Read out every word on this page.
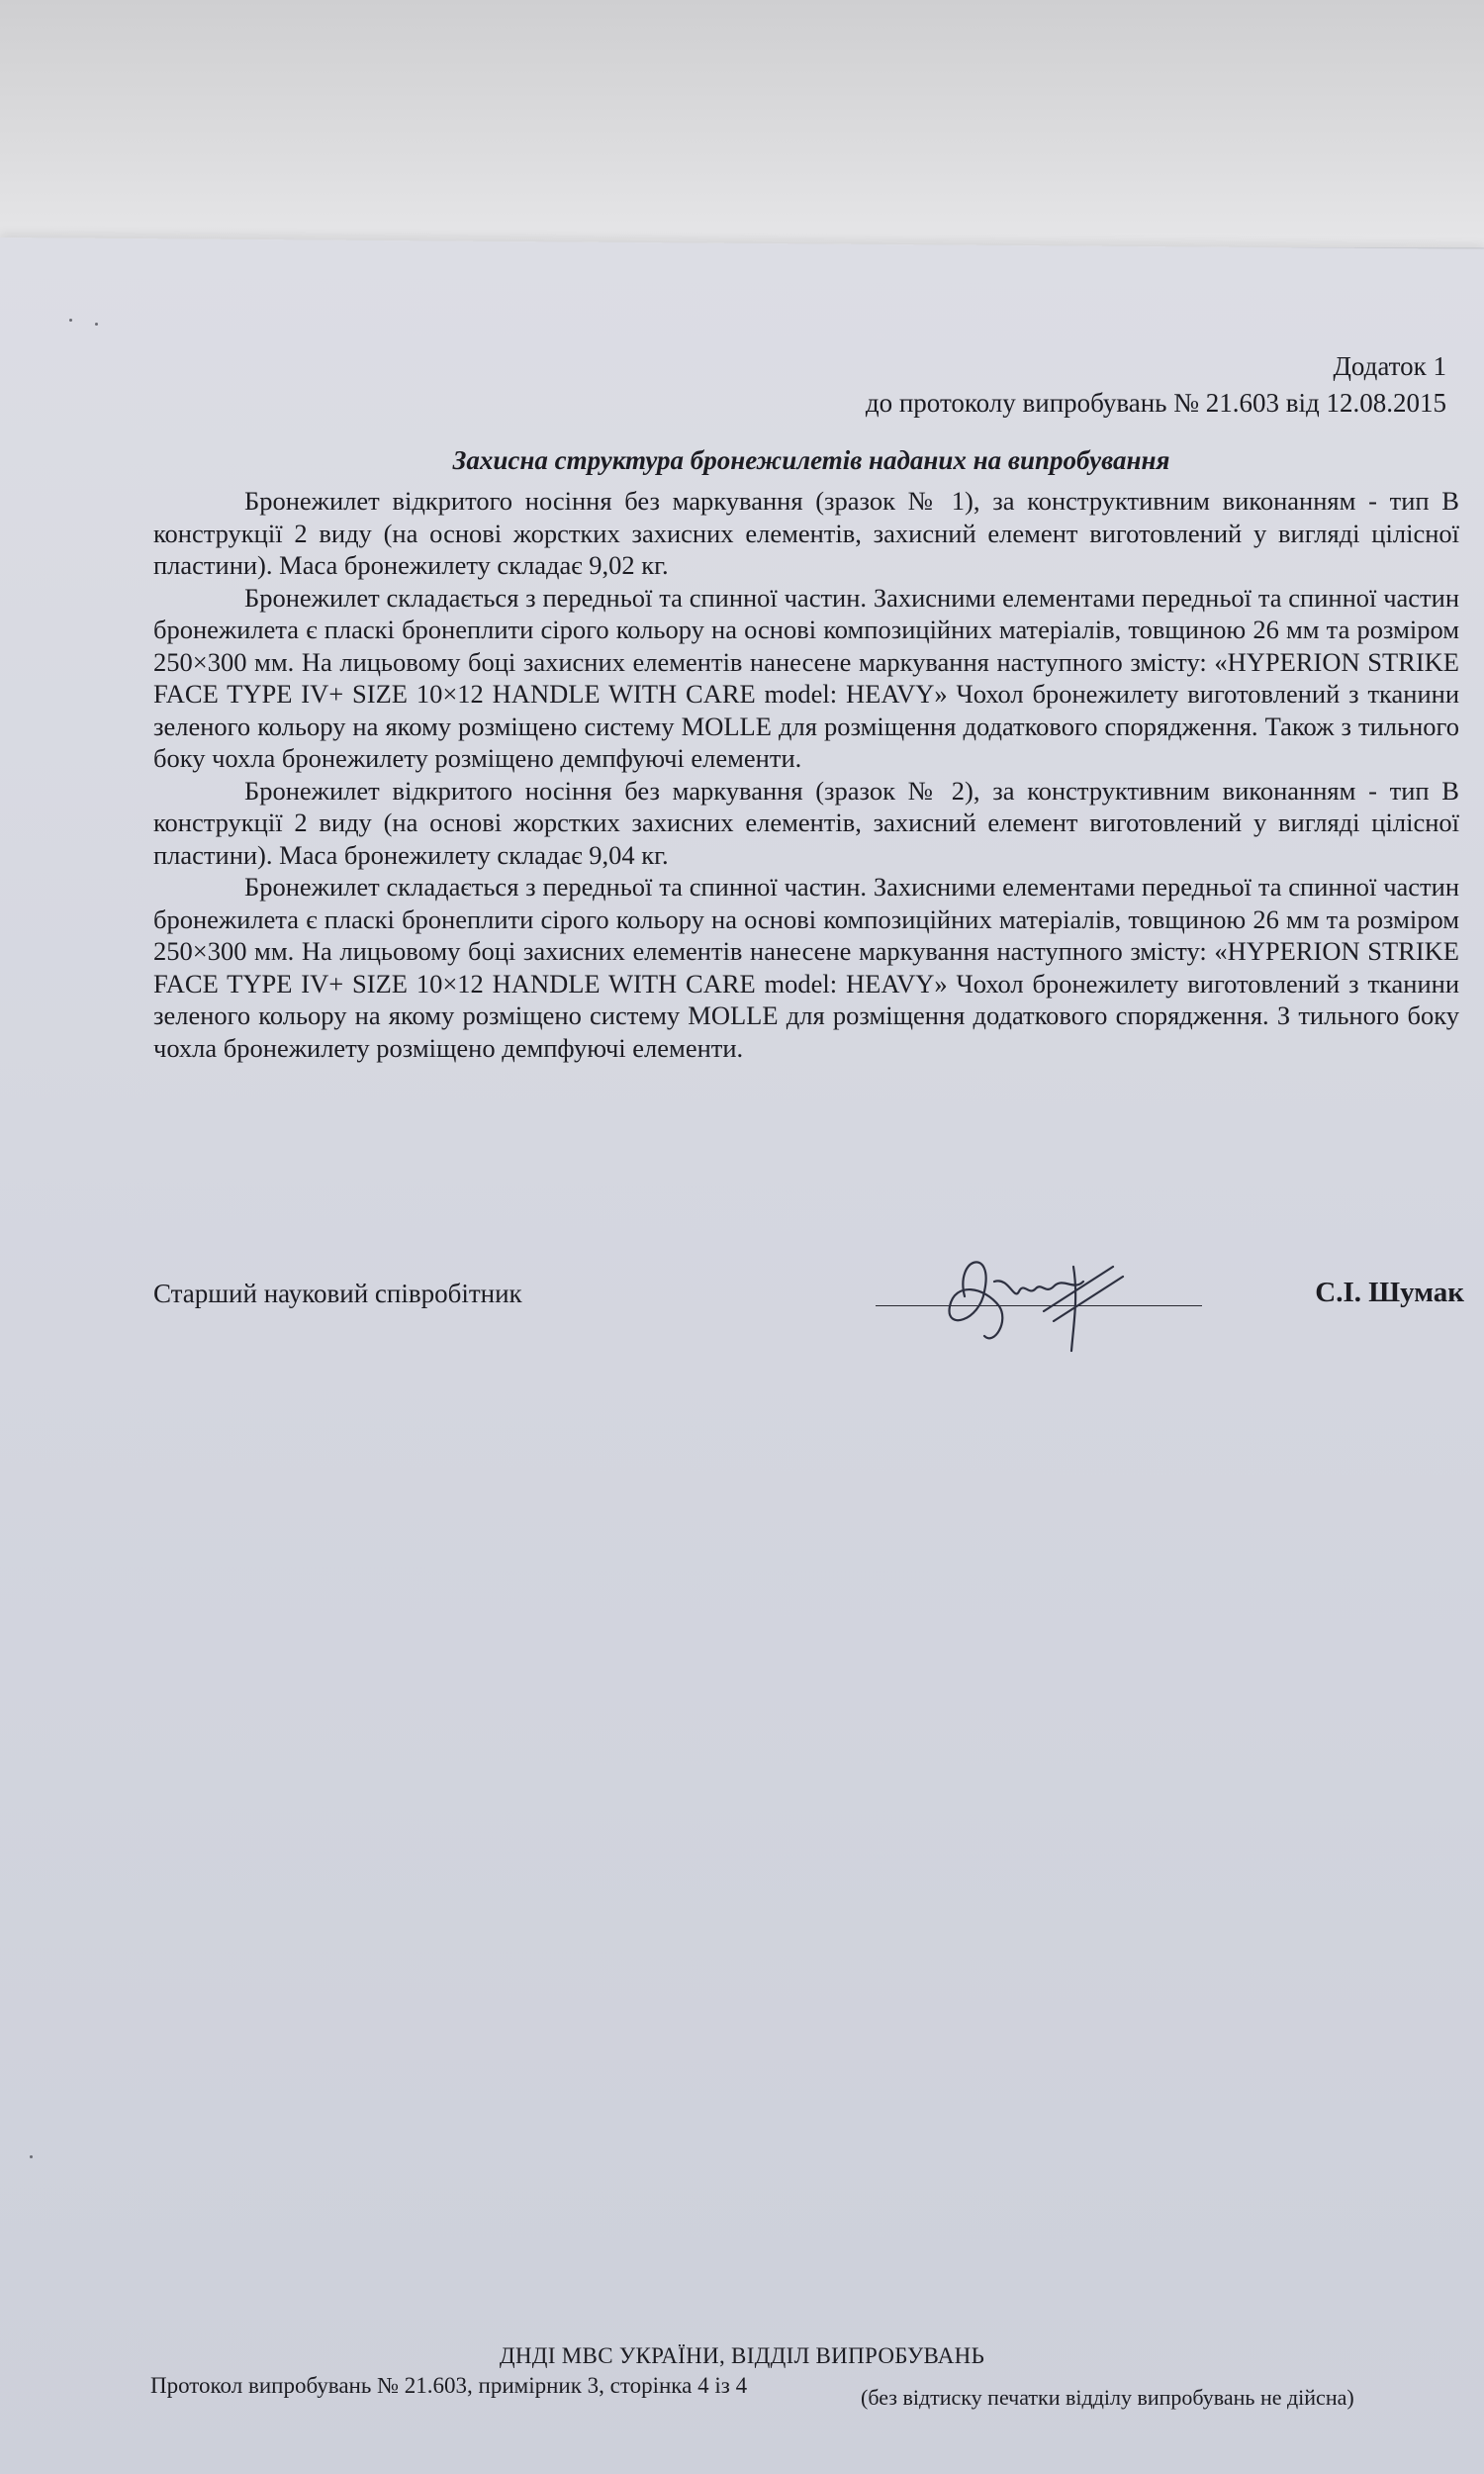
Додаток 1
до протоколу випробувань № 21.603 від 12.08.2015
Захисна структура бронежилетів наданих на випробування

Бронежилет відкритого носіння без маркування (зразок № 1), за конструктивним виконанням - тип В конструкції 2 виду (на основі жорстких захисних елементів, захисний елемент виготовлений у вигляді цілісної пластини). Маса бронежилету складає 9,02 кг.

Бронежилет складається з передньої та спинної частин. Захисними елементами передньої та спинної частин бронежилета є пласкі бронеплити сірого кольору на основі композиційних матеріалів, товщиною 26 мм та розміром 250×300 мм. На лицьовому боці захисних елементів нанесене маркування наступного змісту: «HYPERION STRIKE FACE TYPE IV+ SIZE 10×12 HANDLE WITH CARE model: HEAVY» Чохол бронежилету виготовлений з тканини зеленого кольору на якому розміщено систему MOLLE для розміщення додаткового спорядження. Також з тильного боку чохла бронежилету розміщено демпфуючі елементи.

Бронежилет відкритого носіння без маркування (зразок № 2), за конструктивним виконанням - тип В конструкції 2 виду (на основі жорстких захисних елементів, захисний елемент виготовлений у вигляді цілісної пластини). Маса бронежилету складає 9,04 кг.

Бронежилет складається з передньої та спинної частин. Захисними елементами передньої та спинної частин бронежилета є пласкі бронеплити сірого кольору на основі композиційних матеріалів, товщиною 26 мм та розміром 250×300 мм. На лицьовому боці захисних елементів нанесене маркування наступного змісту: «HYPERION STRIKE FACE TYPE IV+ SIZE 10×12 HANDLE WITH CARE model: HEAVY» Чохол бронежилету виготовлений з тканини зеленого кольору на якому розміщено систему MOLLE для розміщення додаткового спорядження. З тильного боку чохла бронежилету розміщено демпфуючі елементи.

Старший науковий співробітник	С.І. Шумак
ДНДІ МВС УКРАЇНИ, ВІДДІЛ ВИПРОБУВАНЬ
Протокол випробувань № 21.603, примірник 3, сторінка 4 із 4	(без відтиску печатки відділу випробувань не дійсна)
